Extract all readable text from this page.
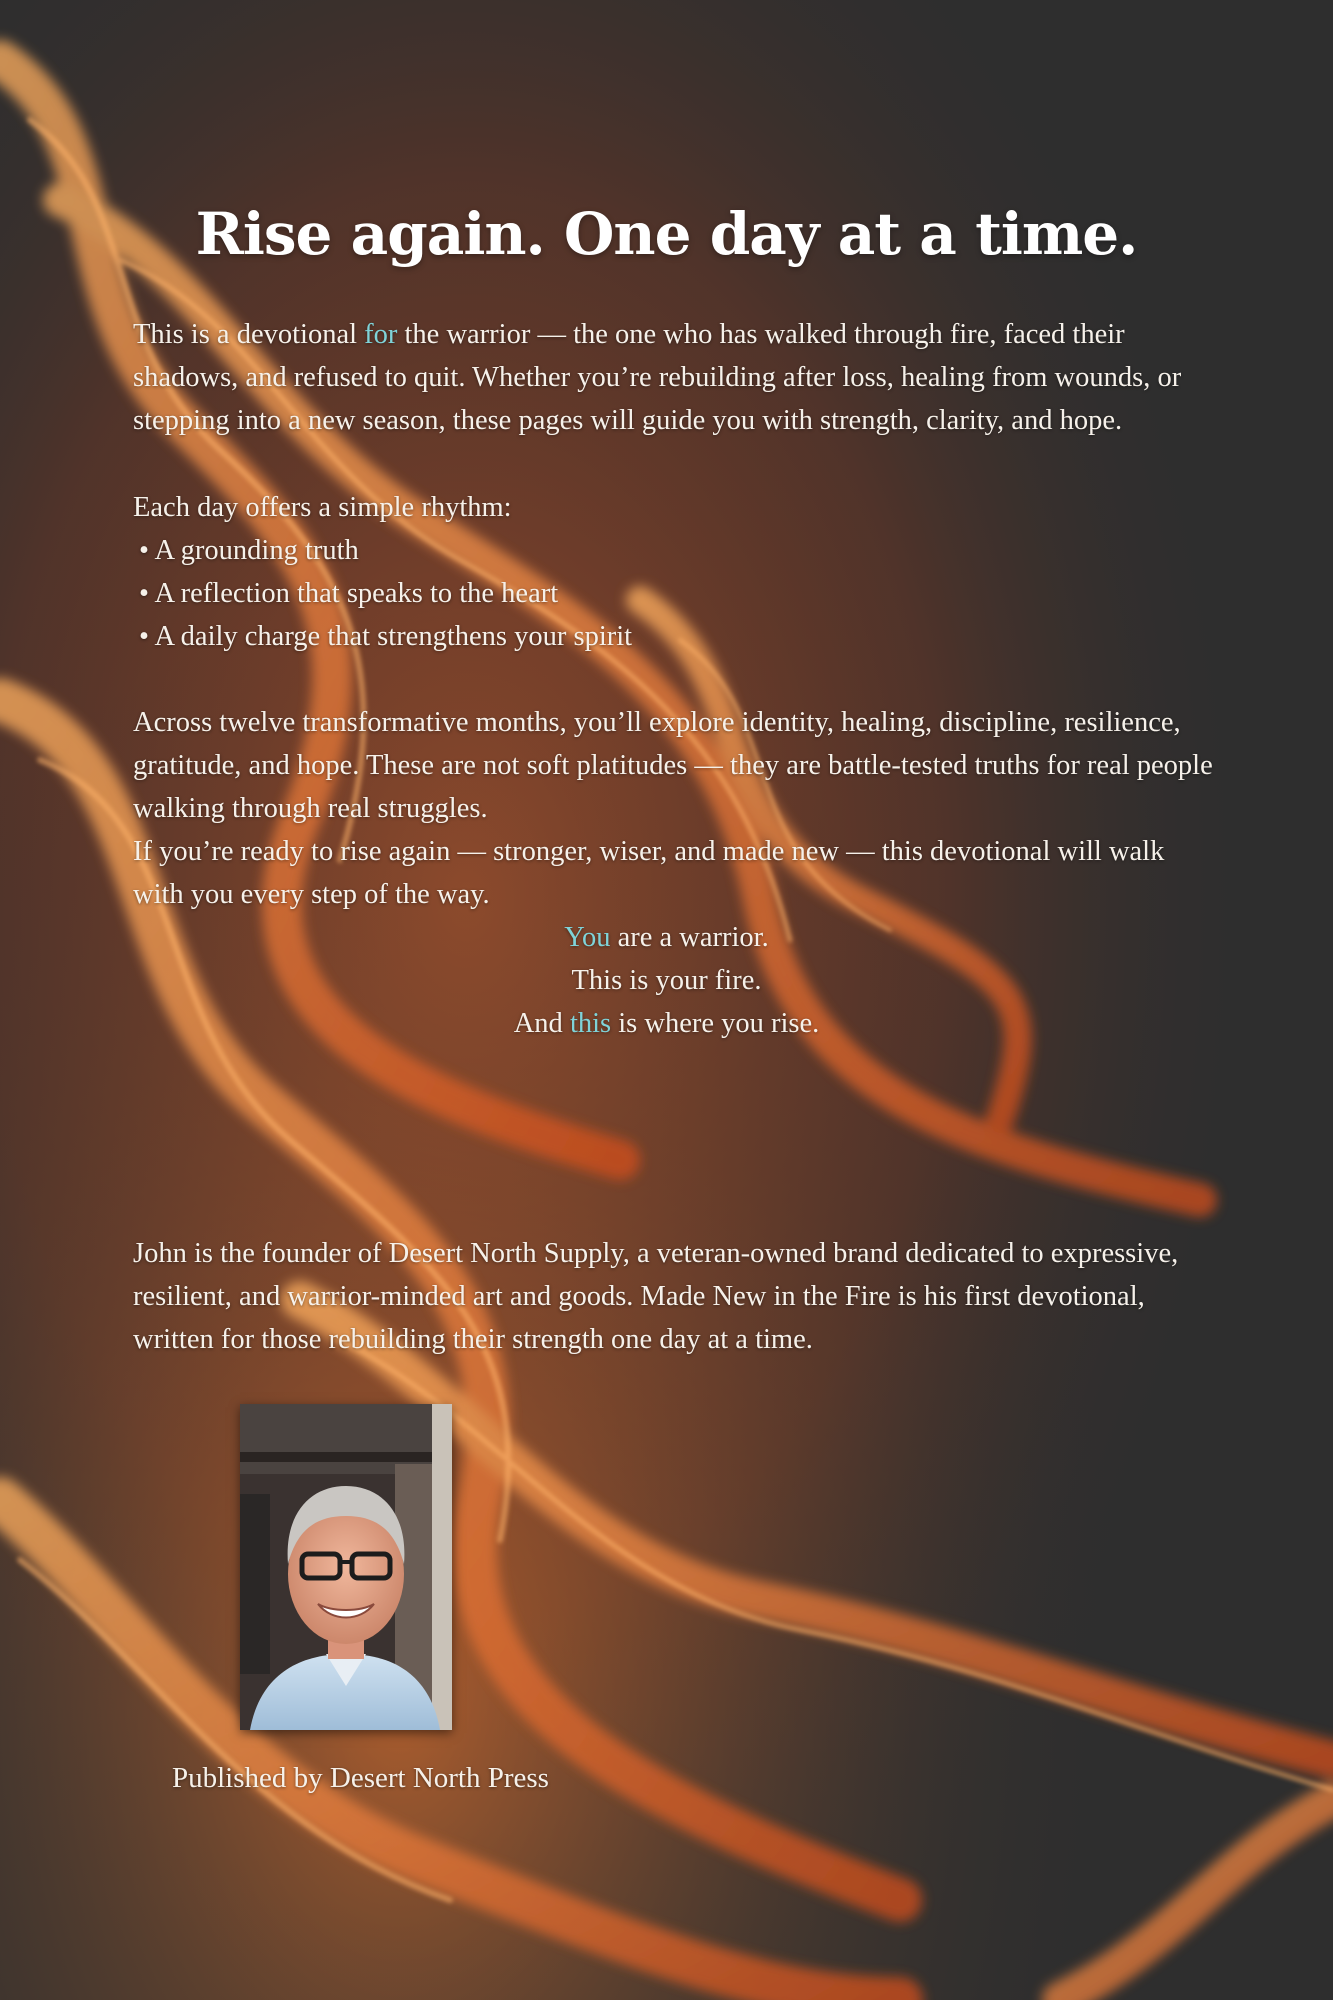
Rise again. One day at a time.

This is a devotional for the warrior — the one who has walked through fire, faced their shadows, and refused to quit. Whether you’re rebuilding after loss, healing from wounds, or stepping into a new season, these pages will guide you with strength, clarity, and hope.

Each day offers a simple rhythm:
• A grounding truth
• A reflection that speaks to the heart
• A daily charge that strengthens your spirit

Across twelve transformative months, you’ll explore identity, healing, discipline, resilience, gratitude, and hope. These are not soft platitudes — they are battle-tested truths for real people walking through real struggles.
If you’re ready to rise again — stronger, wiser, and made new — this devotional will walk with you every step of the way.

You are a warrior.
This is your fire.
And this is where you rise.

John is the founder of Desert North Supply, a veteran-owned brand dedicated to expressive, resilient, and warrior-minded art and goods. Made New in the Fire is his first devotional, written for those rebuilding their strength one day at a time.

Published by Desert North Press
